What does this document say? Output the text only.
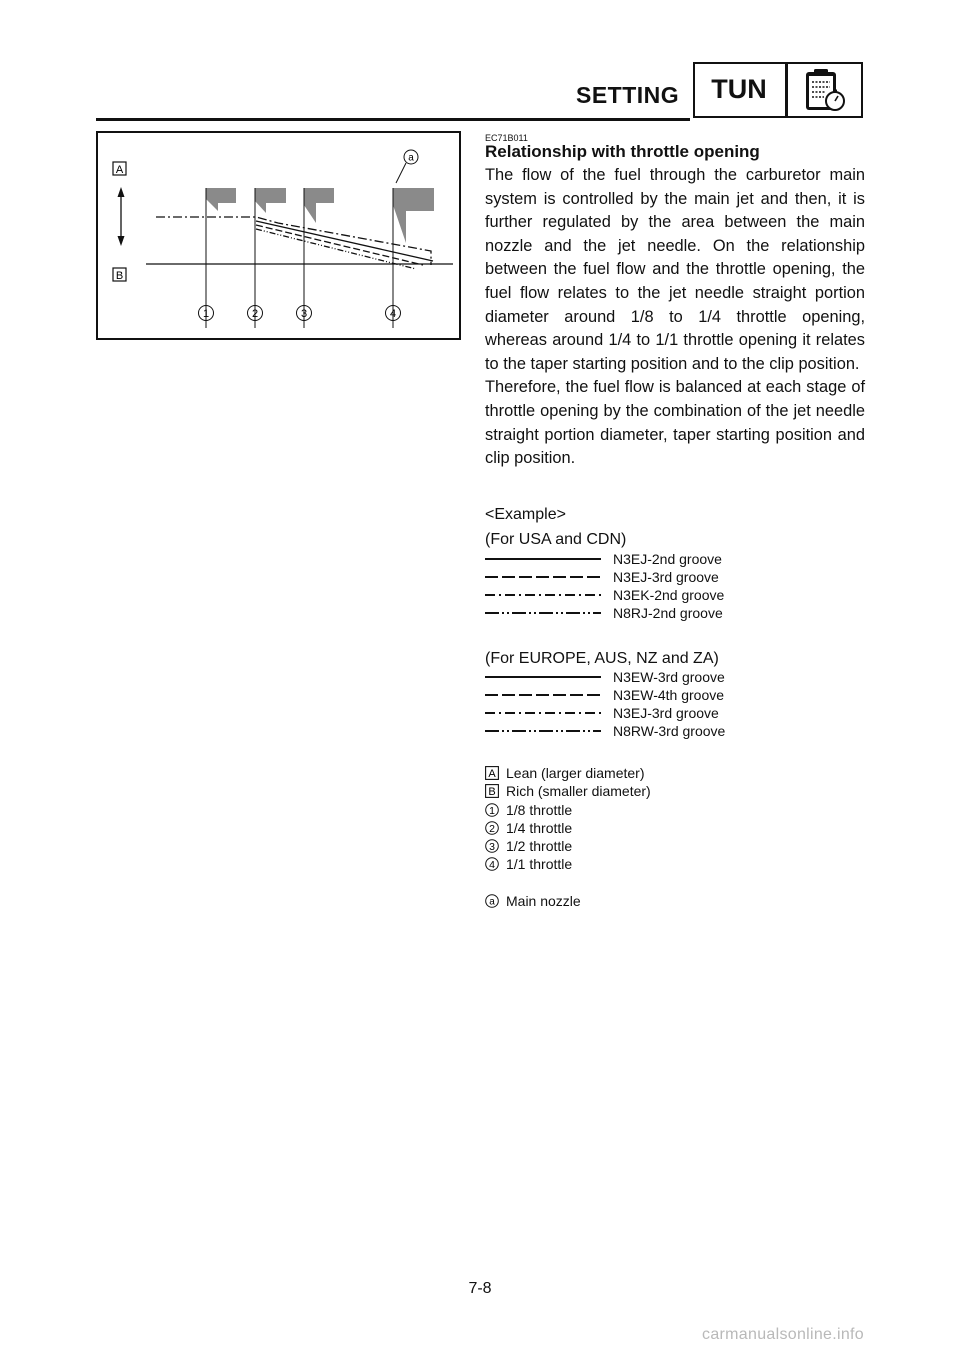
SETTING	TUN
A
B
a
1	2	3	4
EC71B011
Relationship with throttle opening

The flow of the fuel through the carburetor main system is controlled by the main jet and then, it is further regulated by the area between the main nozzle and the jet needle. On the relationship between the fuel flow and the throttle opening, the fuel flow relates to the jet needle straight portion diameter around 1/8 to 1/4 throttle opening, whereas around 1/4 to 1/1 throttle opening it relates to the taper starting position and to the clip position.

Therefore, the fuel flow is balanced at each stage of throttle opening by the combination of the jet needle straight portion diameter, taper starting position and clip position.

<Example>
(For USA and CDN)
N3EJ-2nd groove
N3EJ-3rd groove
N3EK-2nd groove
N8RJ-2nd groove
(For EUROPE, AUS, NZ and ZA)
N3EW-3rd groove
N3EW-4th groove
N3EJ-3rd groove
N8RW-3rd groove
A Lean (larger diameter)
B Rich (smaller diameter)
1 1/8 throttle
2 1/4 throttle
3 1/2 throttle
4 1/1 throttle
a Main nozzle
7-8
carmanualsonline.info
